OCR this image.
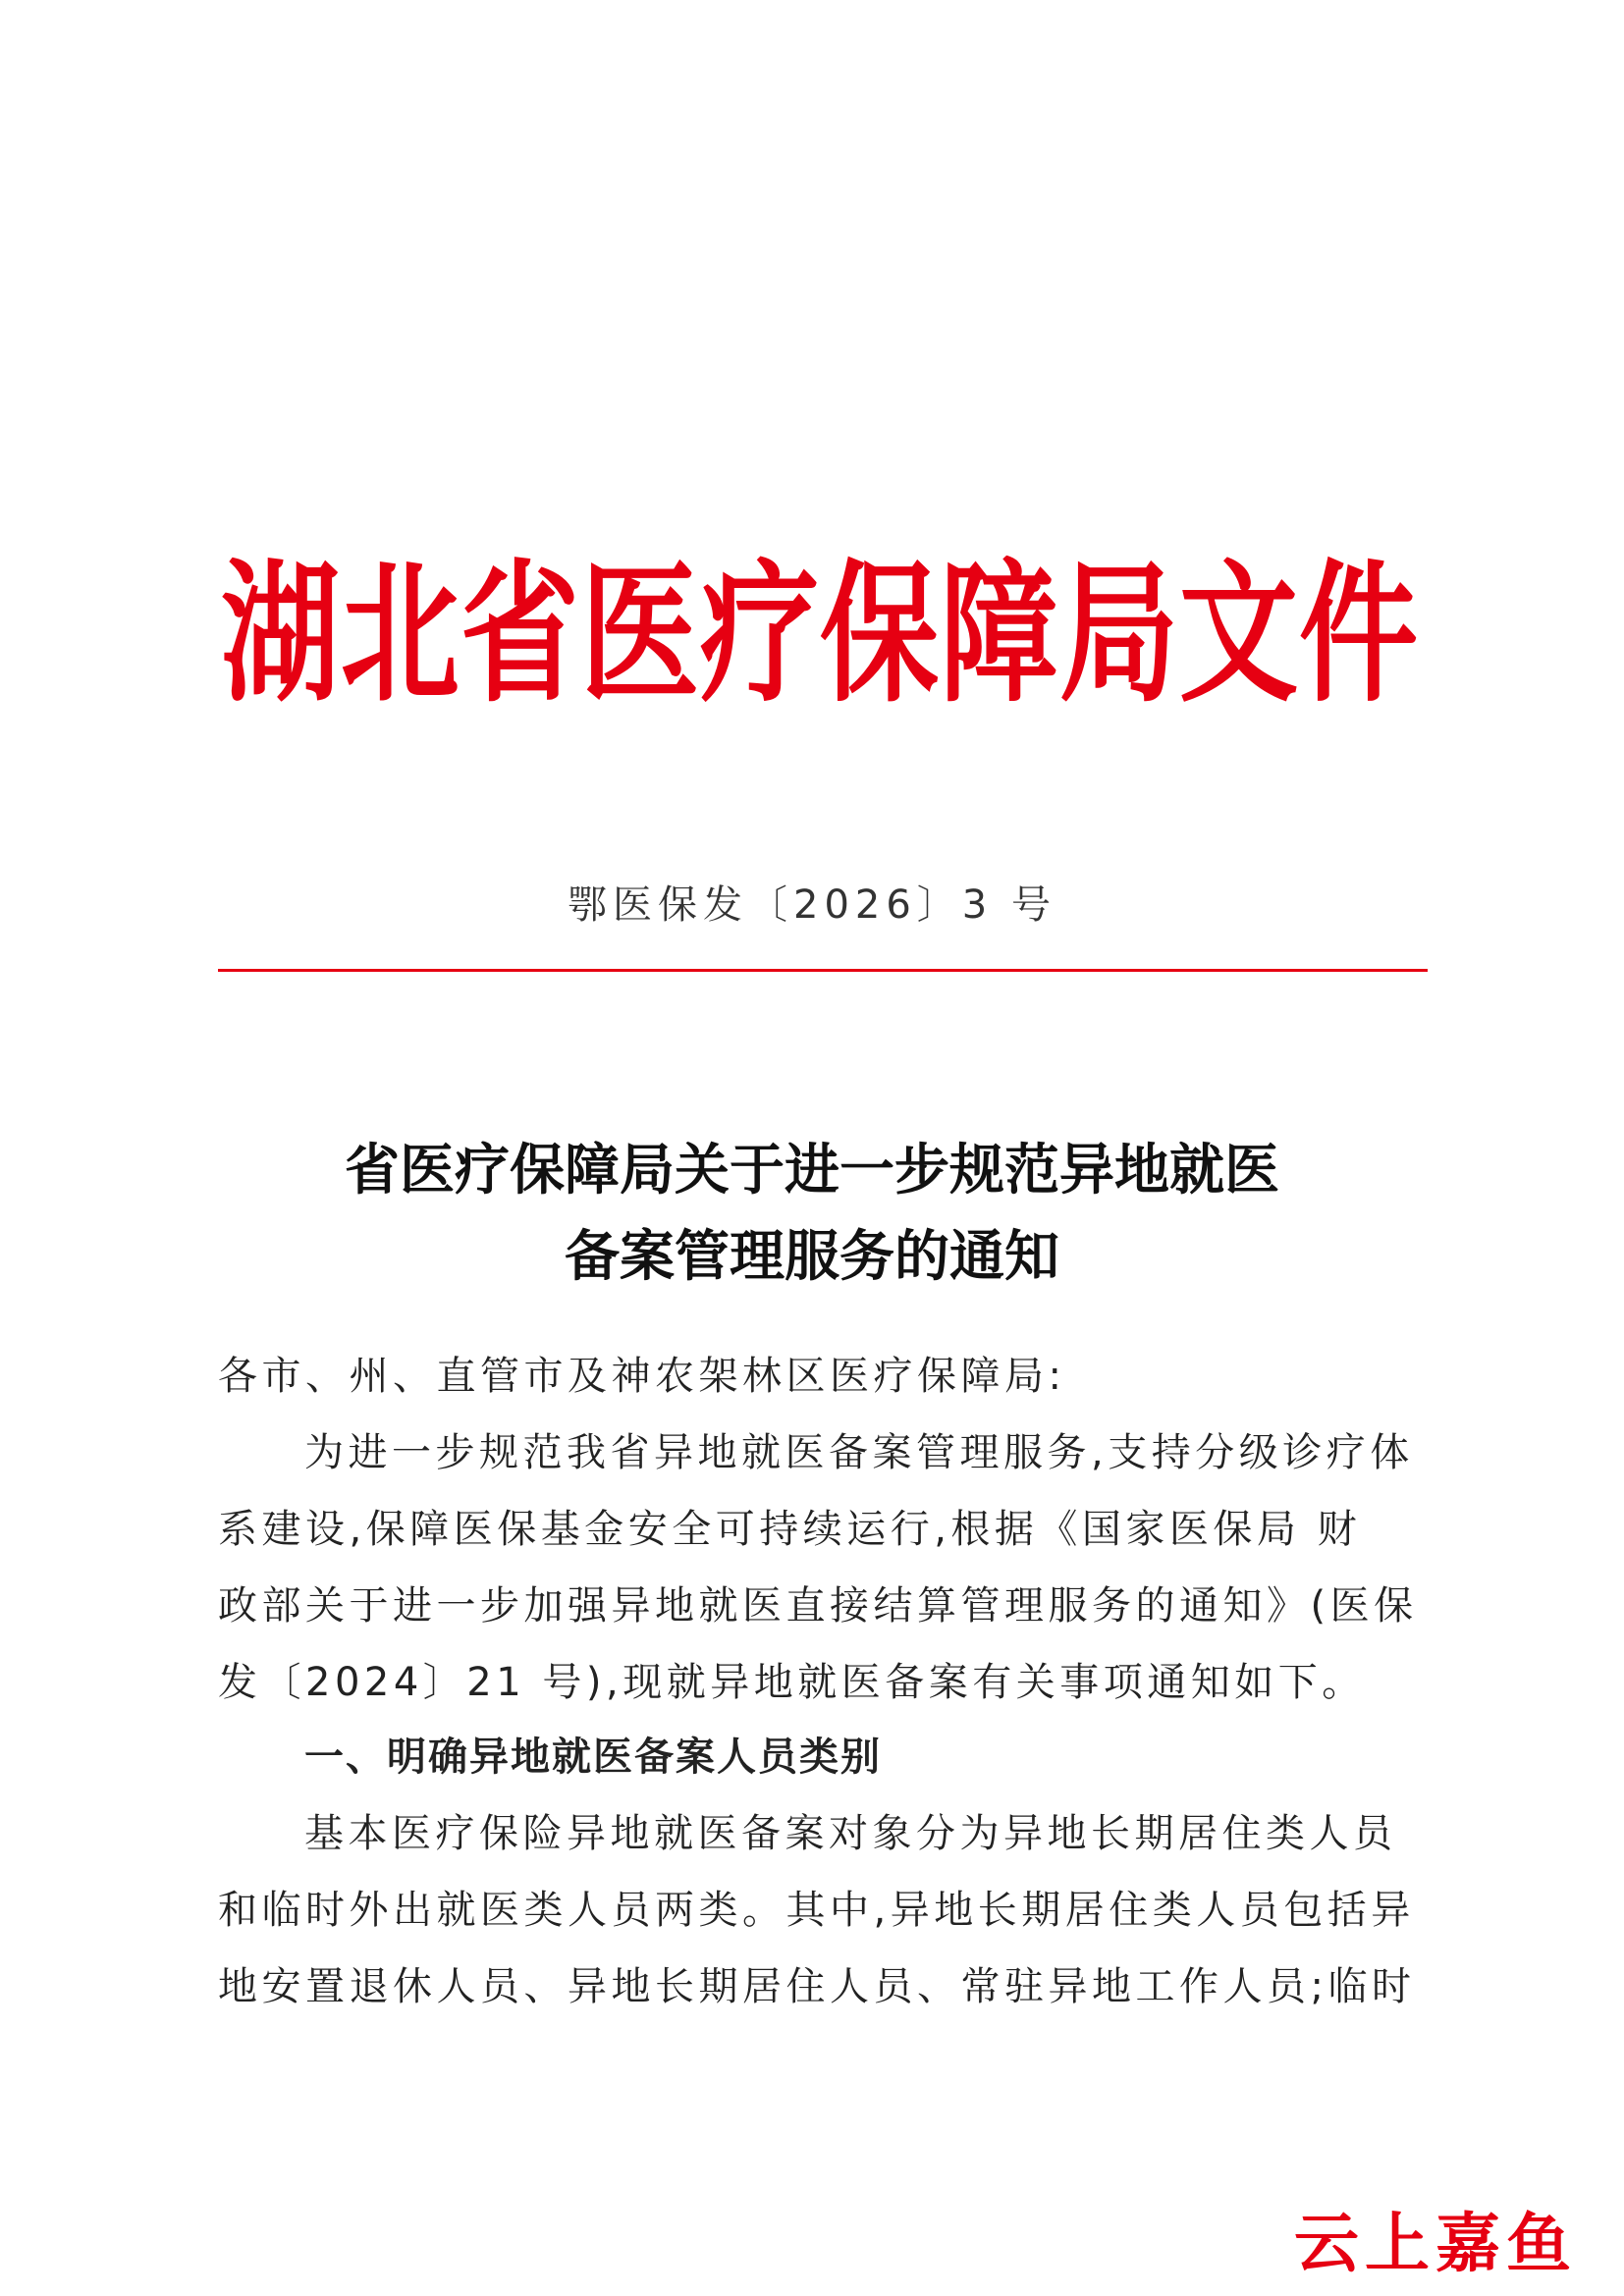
湖北省医疗保障局文件
鄂医保发〔2026〕3 号
省医疗保障局关于进一步规范异地就医
备案管理服务的通知
各市、州、直管市及神农架林区医疗保障局:
为进一步规范我省异地就医备案管理服务,支持分级诊疗体
系建设,保障医保基金安全可持续运行,根据《国家医保局 财
政部关于进一步加强异地就医直接结算管理服务的通知》(医保
发〔2024〕21 号),现就异地就医备案有关事项通知如下。
一、明确异地就医备案人员类别
基本医疗保险异地就医备案对象分为异地长期居住类人员
和临时外出就医类人员两类。其中,异地长期居住类人员包括异
地安置退休人员、异地长期居住人员、常驻异地工作人员;临时
云上嘉鱼
